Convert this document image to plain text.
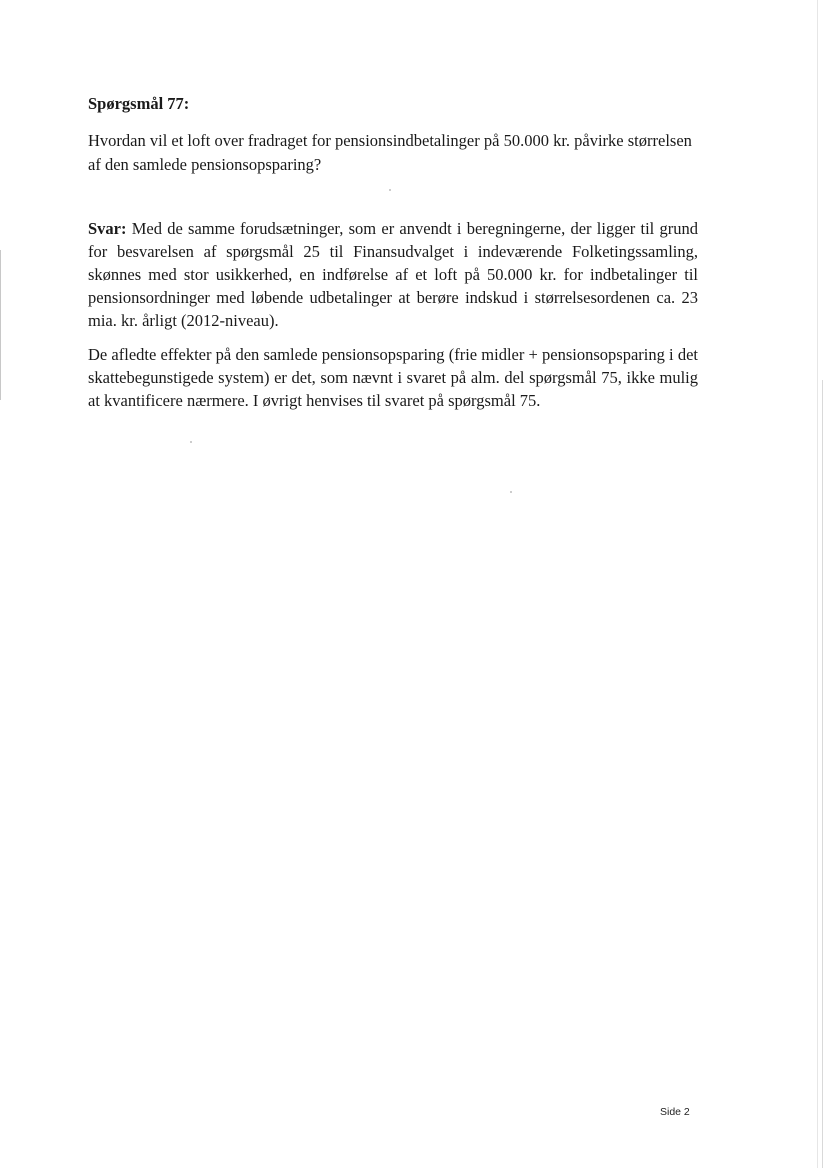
Spørgsmål 77:

Hvordan vil et loft over fradraget for pensionsindbetalinger på 50.000 kr. påvirke størrelsen af den samlede pensionsopsparing?

Svar: Med de samme forudsætninger, som er anvendt i beregningerne, der ligger til grund for besvarelsen af spørgsmål 25 til Finansudvalget i indeværende Folketingssamling, skønnes med stor usikkerhed, en indførelse af et loft på 50.000 kr. for indbetalinger til pensionsordninger med løbende udbetalinger at berøre indskud i størrelsesordenen ca. 23 mia. kr. årligt (2012-niveau).

De afledte effekter på den samlede pensionsopsparing (frie midler + pensionsopsparing i det skattebegunstigede system) er det, som nævnt i svaret på alm. del spørgsmål 75, ikke mulig at kvantificere nærmere. I øvrigt henvises til svaret på spørgsmål 75.

Side 2
